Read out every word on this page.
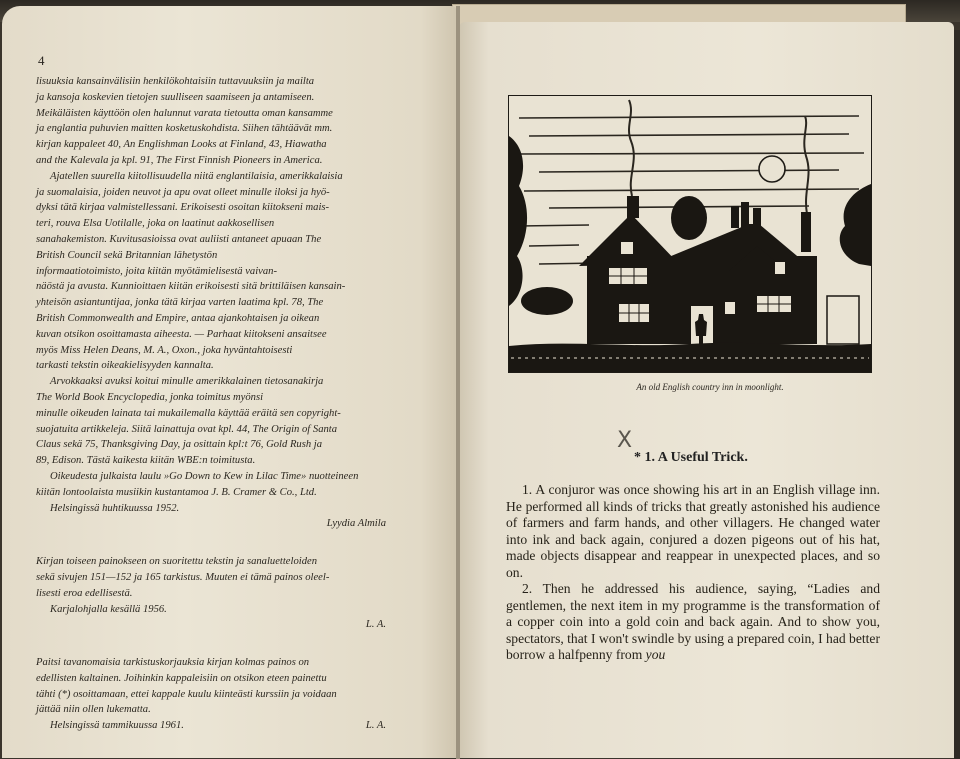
4

lisuuksia kansainvälisiin henkilökohtaisiin tuttavuuksiin ja mailta

ja kansoja koskevien tietojen suulliseen saamiseen ja antamiseen.

Meikäläisten käyttöön olen halunnut varata tietoutta oman kansamme

ja englantia puhuvien maitten kosketuskohdista. Siihen tähtäävät mm.

kirjan kappaleet 40, An Englishman Looks at Finland, 43, Hiawatha

and the Kalevala ja kpl. 91, The First Finnish Pioneers in America.

Ajatellen suurella kiitollisuudella niitä englantilaisia, amerikkalaisia

ja suomalaisia, joiden neuvot ja apu ovat olleet minulle iloksi ja hyö-

dyksi tätä kirjaa valmistellessani. Erikoisesti osoitan kiitokseni mais-

teri, rouva Elsa Uotilalle, joka on laatinut aakkosellisen

sanahakemiston. Kuvitusasioissa ovat auliisti antaneet apuaan The

British Council sekä Britannian lähetystön

informaatiotoimisto, joita kiitän myötämielisestä vaivan-

näöstä ja avusta. Kunnioittaen kiitän erikoisesti sitä brittiläisen kansain-

yhteisön asiantuntijaa, jonka tätä kirjaa varten laatima kpl. 78, The

British Commonwealth and Empire, antaa ajankohtaisen ja oikean

kuvan otsikon osoittamasta aiheesta. — Parhaat kiitokseni ansaitsee

myös Miss Helen Deans, M. A., Oxon., joka hyväntahtoisesti

tarkasti tekstin oikeakielisyyden kannalta.

Arvokkaaksi avuksi koitui minulle amerikkalainen tietosanakirja

The World Book Encyclopedia, jonka toimitus myönsi

minulle oikeuden lainata tai mukailemalla käyttää eräitä sen copyright-

suojatuita artikkeleja. Siitä lainattuja ovat kpl. 44, The Origin of Santa

Claus sekä 75, Thanksgiving Day, ja osittain kpl:t 76, Gold Rush ja

89, Edison. Tästä kaikesta kiitän WBE:n toimitusta.

Oikeudesta julkaista laulu »Go Down to Kew in Lilac Time» nuotteineen

kiitän lontoolaista musiikin kustantamoa J. B. Cramer & Co., Ltd.

Helsingissä huhtikuussa 1952.

Lyydia Almila

Kirjan toiseen painokseen on suoritettu tekstin ja sanaluetteloiden

sekä sivujen 151—152 ja 165 tarkistus. Muuten ei tämä painos oleel-

lisesti eroa edellisestä.

Karjalohjalla kesällä 1956.

L. A.

Paitsi tavanomaisia tarkistuskorjauksia kirjan kolmas painos on

edellisten kaltainen. Joihinkin kappaleisiin on otsikon eteen painettu

tähti (*) osoittamaan, ettei kappale kuulu kiinteästi kurssiin ja voidaan

jättää niin ollen lukematta.

Helsingissä tammikuussa 1961.	L. A.

An old English country inn in moonlight.
X
* 1. A Useful Trick.

1. A conjuror was once showing his art in an English village inn. He performed all kinds of tricks that greatly astonished his audience of farmers and farm hands, and other villagers. He changed water into ink and back again, conjured a dozen pigeons out of his hat, made objects disappear and reappear in unexpected places, and so on.

2. Then he addressed his audience, saying, “Ladies and gentlemen, the next item in my programme is the transformation of a copper coin into a gold coin and back again. And to show you, spectators, that I won't swindle by using a prepared coin, I had better borrow a halfpenny from you
